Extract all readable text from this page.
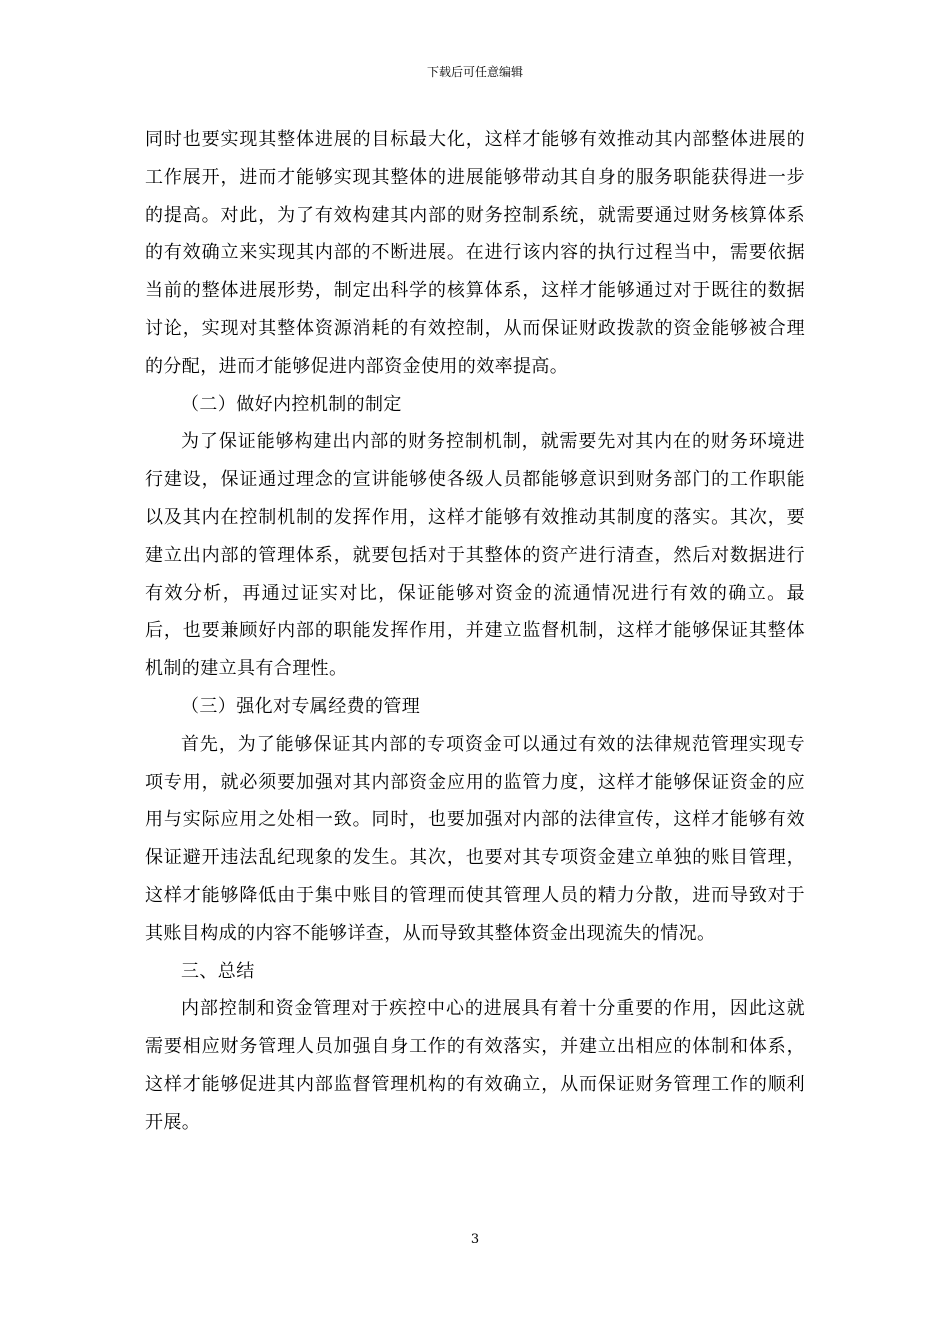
下载后可任意编辑

同时也要实现其整体进展的目标最大化，这样才能够有效推动其内部整体进展的工作展开，进而才能够实现其整体的进展能够带动其自身的服务职能获得进一步的提高。对此，为了有效构建其内部的财务控制系统，就需要通过财务核算体系的有效确立来实现其内部的不断进展。在进行该内容的执行过程当中，需要依据当前的整体进展形势，制定出科学的核算体系，这样才能够通过对于既往的数据讨论，实现对其整体资源消耗的有效控制，从而保证财政拨款的资金能够被合理的分配，进而才能够促进内部资金使用的效率提高。

（二）做好内控机制的制定

为了保证能够构建出内部的财务控制机制，就需要先对其内在的财务环境进行建设，保证通过理念的宣讲能够使各级人员都能够意识到财务部门的工作职能以及其内在控制机制的发挥作用，这样才能够有效推动其制度的落实。其次，要建立出内部的管理体系，就要包括对于其整体的资产进行清查，然后对数据进行有效分析，再通过证实对比，保证能够对资金的流通情况进行有效的确立。最后，也要兼顾好内部的职能发挥作用，并建立监督机制，这样才能够保证其整体机制的建立具有合理性。

（三）强化对专属经费的管理

首先，为了能够保证其内部的专项资金可以通过有效的法律规范管理实现专项专用，就必须要加强对其内部资金应用的监管力度，这样才能够保证资金的应用与实际应用之处相一致。同时，也要加强对内部的法律宣传，这样才能够有效保证避开违法乱纪现象的发生。其次，也要对其专项资金建立单独的账目管理，这样才能够降低由于集中账目的管理而使其管理人员的精力分散，进而导致对于其账目构成的内容不能够详查，从而导致其整体资金出现流失的情况。

三、总结

内部控制和资金管理对于疾控中心的进展具有着十分重要的作用，因此这就需要相应财务管理人员加强自身工作的有效落实，并建立出相应的体制和体系，这样才能够促进其内部监督管理机构的有效确立，从而保证财务管理工作的顺利开展。

3
